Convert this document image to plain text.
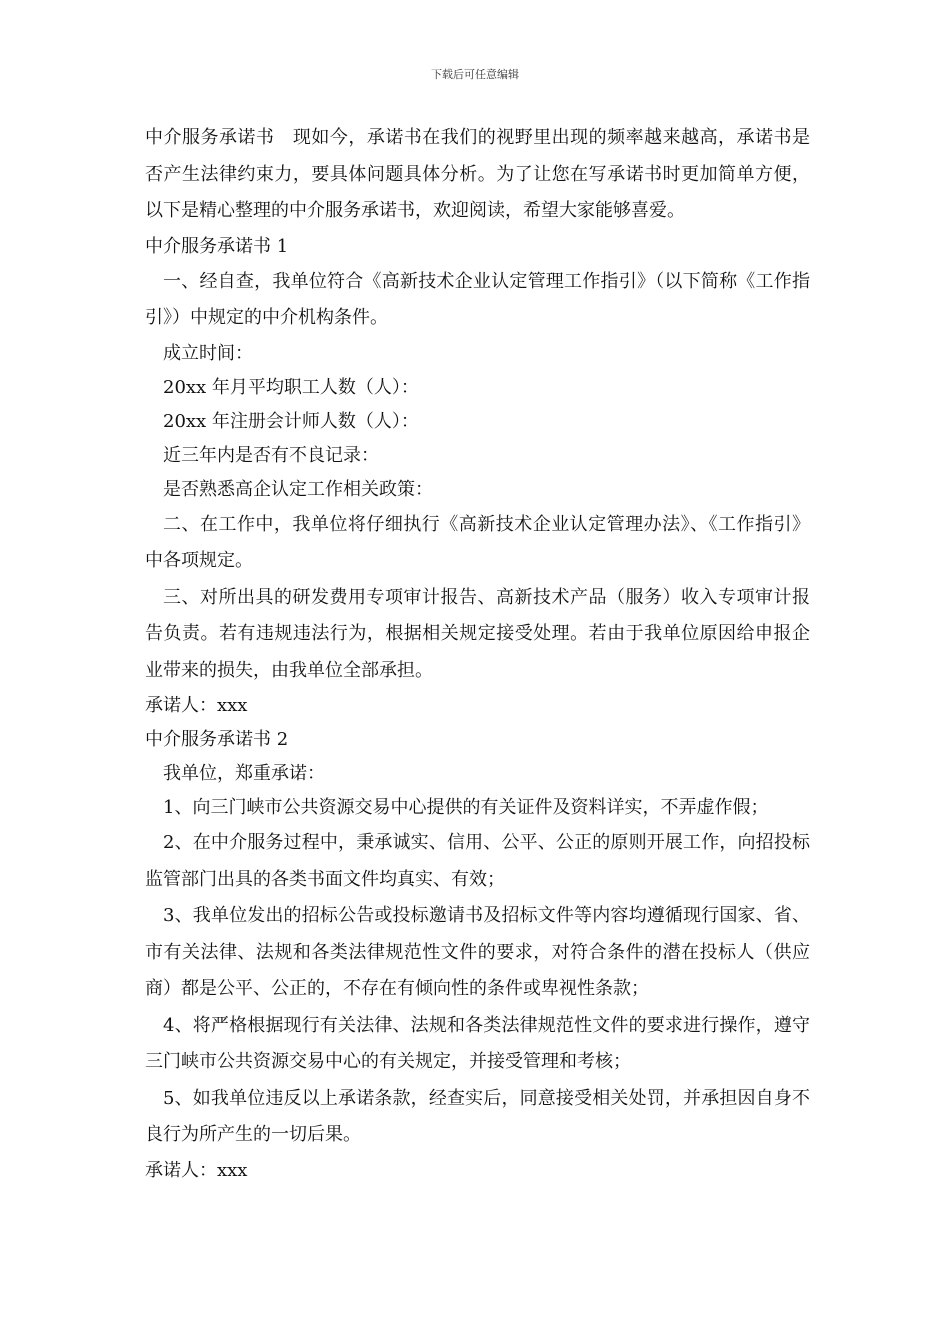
下载后可任意编辑

中介服务承诺书　现如今，承诺书在我们的视野里出现的频率越来越高，承诺书是否产生法律约束力，要具体问题具体分析。为了让您在写承诺书时更加简单方便，以下是精心整理的中介服务承诺书，欢迎阅读，希望大家能够喜爱。

中介服务承诺书 1

一、经自查，我单位符合《高新技术企业认定管理工作指引》（以下简称《工作指引》）中规定的中介机构条件。

成立时间：

20xx 年月平均职工人数（人）：

20xx 年注册会计师人数（人）：

近三年内是否有不良记录：

是否熟悉高企认定工作相关政策：

二、在工作中，我单位将仔细执行《高新技术企业认定管理办法》、《工作指引》中各项规定。

三、对所出具的研发费用专项审计报告、高新技术产品（服务）收入专项审计报告负责。若有违规违法行为，根据相关规定接受处理。若由于我单位原因给申报企业带来的损失，由我单位全部承担。

承诺人：xxx

中介服务承诺书 2

我单位，郑重承诺：

1、向三门峡市公共资源交易中心提供的有关证件及资料详实，不弄虚作假；

2、在中介服务过程中，秉承诚实、信用、公平、公正的原则开展工作，向招投标监管部门出具的各类书面文件均真实、有效；

3、我单位发出的招标公告或投标邀请书及招标文件等内容均遵循现行国家、省、市有关法律、法规和各类法律规范性文件的要求，对符合条件的潜在投标人（供应商）都是公平、公正的，不存在有倾向性的条件或卑视性条款；

4、将严格根据现行有关法律、法规和各类法律规范性文件的要求进行操作，遵守三门峡市公共资源交易中心的有关规定，并接受管理和考核；

5、如我单位违反以上承诺条款，经查实后，同意接受相关处罚，并承担因自身不良行为所产生的一切后果。

承诺人：xxx
